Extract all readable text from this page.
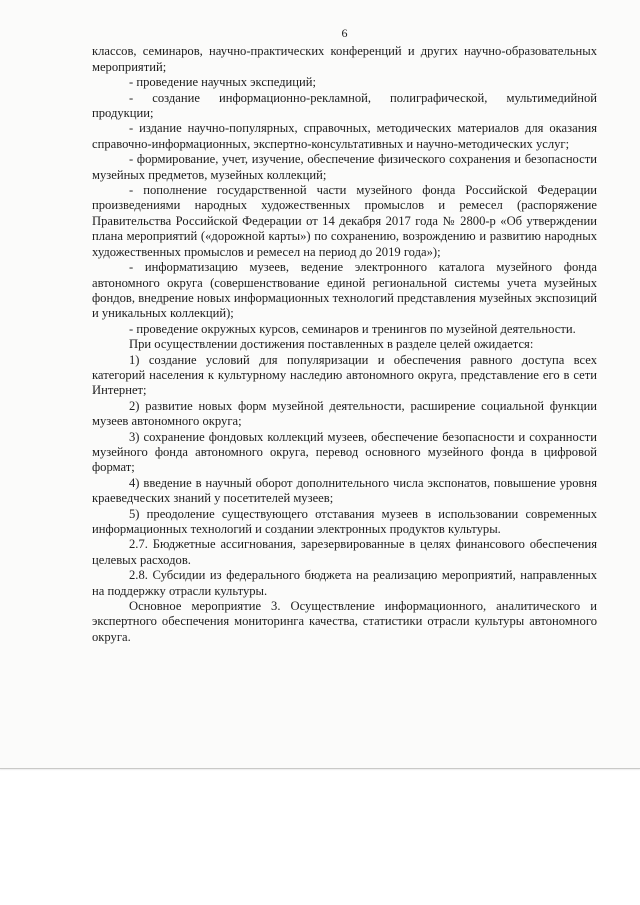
6

классов, семинаров, научно-практических конференций и других научно-образовательных мероприятий;

- проведение научных экспедиций;

- создание информационно-рекламной, полиграфической, мультимедийной продукции;

- издание научно-популярных, справочных, методических материалов для оказания справочно-информационных, экспертно-консультативных и научно-методических услуг;

- формирование, учет, изучение, обеспечение физического сохранения и безопасности музейных предметов, музейных коллекций;

- пополнение государственной части музейного фонда Российской Федерации произведениями народных художественных промыслов и ремесел (распоряжение Правительства Российской Федерации от 14 декабря 2017 года № 2800-р «Об утверждении плана мероприятий («дорожной карты») по сохранению, возрождению и развитию народных художественных промыслов и ремесел на период до 2019 года»);

- информатизацию музеев, ведение электронного каталога музейного фонда автономного округа (совершенствование единой региональной системы учета музейных фондов, внедрение новых информационных технологий представления музейных экспозиций и уникальных коллекций);

- проведение окружных курсов, семинаров и тренингов по музейной деятельности.

При осуществлении достижения поставленных в разделе целей ожидается:

1) создание условий для популяризации и обеспечения равного доступа всех категорий населения к культурному наследию автономного округа, представление его в сети Интернет;

2) развитие новых форм музейной деятельности, расширение социальной функции музеев автономного округа;

3) сохранение фондовых коллекций музеев, обеспечение безопасности и сохранности музейного фонда автономного округа, перевод основного музейного фонда в цифровой формат;

4) введение в научный оборот дополнительного числа экспонатов, повышение уровня краеведческих знаний у посетителей музеев;

5) преодоление существующего отставания музеев в использовании современных информационных технологий и создании электронных продуктов культуры.

2.7. Бюджетные ассигнования, зарезервированные в целях финансового обеспечения целевых расходов.

2.8. Субсидии из федерального бюджета на реализацию мероприятий, направленных на поддержку отрасли культуры.

Основное мероприятие 3. Осуществление информационного, аналитического и экспертного обеспечения мониторинга качества, статистики отрасли культуры автономного округа.
